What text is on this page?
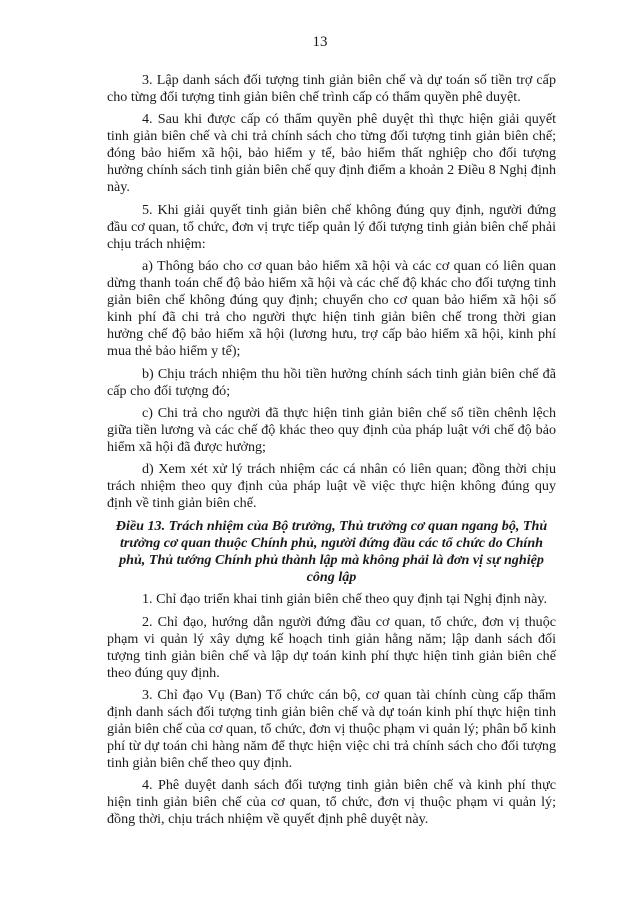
13

3. Lập danh sách đối tượng tinh giản biên chế và dự toán số tiền trợ cấp cho từng đối tượng tinh giản biên chế trình cấp có thẩm quyền phê duyệt.

4. Sau khi được cấp có thẩm quyền phê duyệt thì thực hiện giải quyết tinh giản biên chế và chi trả chính sách cho từng đối tượng tinh giản biên chế; đóng bảo hiểm xã hội, bảo hiểm y tế, bảo hiểm thất nghiệp cho đối tượng hưởng chính sách tinh giản biên chế quy định điểm a khoản 2 Điều 8 Nghị định này.

5. Khi giải quyết tinh giản biên chế không đúng quy định, người đứng đầu cơ quan, tổ chức, đơn vị trực tiếp quản lý đối tượng tinh giản biên chế phải chịu trách nhiệm:

a) Thông báo cho cơ quan bảo hiểm xã hội và các cơ quan có liên quan dừng thanh toán chế độ bảo hiểm xã hội và các chế độ khác cho đối tượng tinh giản biên chế không đúng quy định; chuyển cho cơ quan bảo hiểm xã hội số kinh phí đã chi trả cho người thực hiện tinh giản biên chế trong thời gian hưởng chế độ bảo hiểm xã hội (lương hưu, trợ cấp bảo hiểm xã hội, kinh phí mua thẻ bảo hiểm y tế);

b) Chịu trách nhiệm thu hồi tiền hưởng chính sách tinh giản biên chế đã cấp cho đối tượng đó;

c) Chi trả cho người đã thực hiện tinh giản biên chế số tiền chênh lệch giữa tiền lương và các chế độ khác theo quy định của pháp luật với chế độ bảo hiểm xã hội đã được hưởng;

d) Xem xét xử lý trách nhiệm các cá nhân có liên quan; đồng thời chịu trách nhiệm theo quy định của pháp luật về việc thực hiện không đúng quy định về tinh giản biên chế.

Điều 13. Trách nhiệm của Bộ trưởng, Thủ trưởng cơ quan ngang bộ, Thủ trưởng cơ quan thuộc Chính phủ, người đứng đầu các tổ chức do Chính phủ, Thủ tướng Chính phủ thành lập mà không phải là đơn vị sự nghiệp công lập

1. Chỉ đạo triển khai tinh giản biên chế theo quy định tại Nghị định này.

2. Chỉ đạo, hướng dẫn người đứng đầu cơ quan, tổ chức, đơn vị thuộc phạm vi quản lý xây dựng kế hoạch tinh giản hằng năm; lập danh sách đối tượng tinh giản biên chế và lập dự toán kinh phí thực hiện tinh giản biên chế theo đúng quy định.

3. Chỉ đạo Vụ (Ban) Tổ chức cán bộ, cơ quan tài chính cùng cấp thẩm định danh sách đối tượng tinh giản biên chế và dự toán kinh phí thực hiện tinh giản biên chế của cơ quan, tổ chức, đơn vị thuộc phạm vi quản lý; phân bổ kinh phí từ dự toán chi hàng năm để thực hiện việc chi trả chính sách cho đối tượng tinh giản biên chế theo quy định.

4. Phê duyệt danh sách đối tượng tinh giản biên chế và kinh phí thực hiện tinh giản biên chế của cơ quan, tổ chức, đơn vị thuộc phạm vi quản lý; đồng thời, chịu trách nhiệm về quyết định phê duyệt này.
